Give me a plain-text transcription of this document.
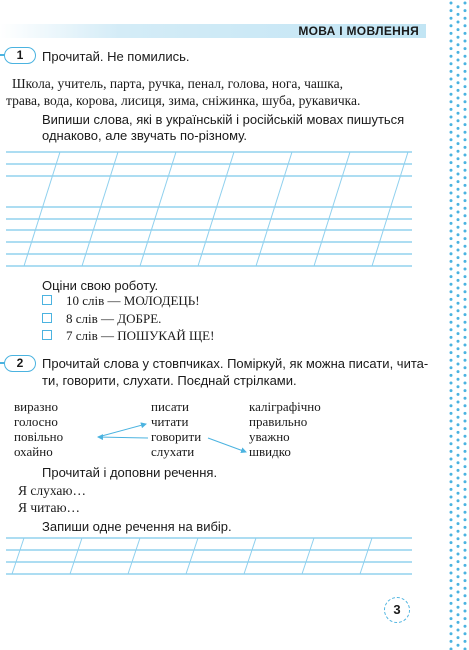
МОВА І МОВЛЕННЯ
1	Прочитай. Не помились.
Школа, учитель, парта, ручка, пенал, голова, нога, чашка,
трава, вода, корова, лисиця, зима, сніжинка, шуба, рукавичка.
Випиши слова, які в українській і російській мовах пишуться
однаково, але звучать по-різному.
Оціни свою роботу.
10 слів — МОЛОДЕЦЬ!
8 слів — ДОБРЕ.
7 слів — ПОШУКАЙ ЩЕ!
2	Прочитай слова у стовпчиках. Поміркуй, як можна писати, чита-
ти, говорити, слухати. Поєднай стрілками.
виразно
голосно
повільно
охайно
писати
читати
говорити
слухати
каліграфічно
правильно
уважно
швидко
Прочитай і доповни речення.
Я слухаю…
Я читаю…
Запиши одне речення на вибір.
3
